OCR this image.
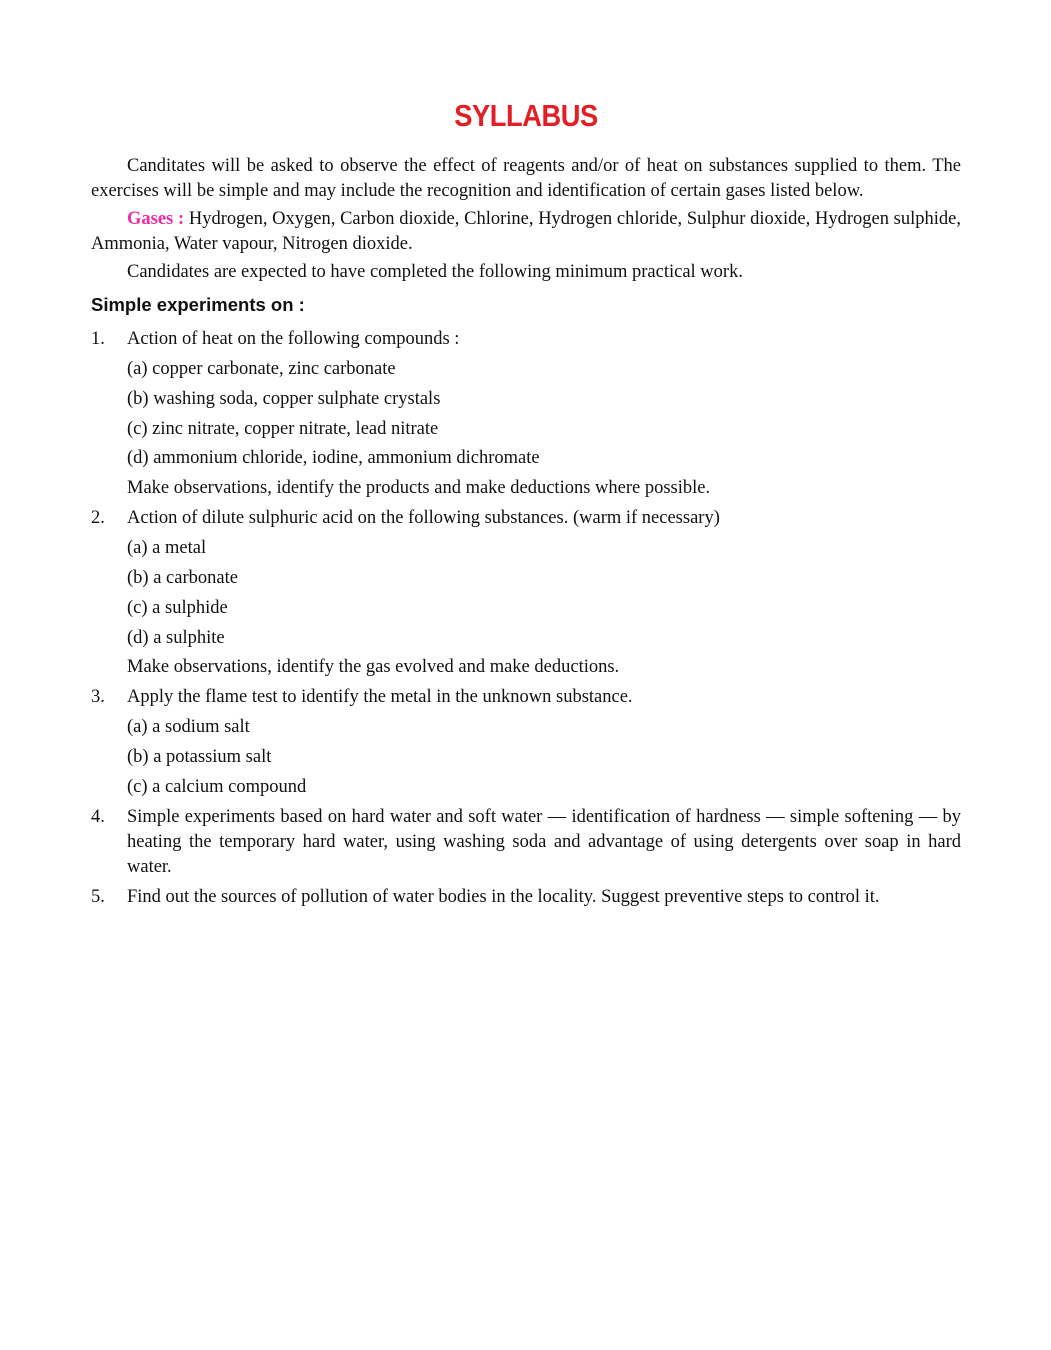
SYLLABUS

Canditates will be asked to observe the effect of reagents and/or of heat on substances supplied to them. The exercises will be simple and may include the recognition and identification of certain gases listed below.

Gases : Hydrogen, Oxygen, Carbon dioxide, Chlorine, Hydrogen chloride, Sulphur dioxide, Hydrogen sulphide, Ammonia, Water vapour, Nitrogen dioxide.

Candidates are expected to have completed the following minimum practical work.

Simple experiments on :
1. Action of heat on the following compounds :
(a) copper carbonate, zinc carbonate
(b) washing soda, copper sulphate crystals
(c) zinc nitrate, copper nitrate, lead nitrate
(d) ammonium chloride, iodine, ammonium dichromate
Make observations, identify the products and make deductions where possible.
2. Action of dilute sulphuric acid on the following substances. (warm if necessary)
(a) a metal
(b) a carbonate
(c) a sulphide
(d) a sulphite
Make observations, identify the gas evolved and make deductions.
3. Apply the flame test to identify the metal in the unknown substance.
(a) a sodium salt
(b) a potassium salt
(c) a calcium compound
4. Simple experiments based on hard water and soft water — identification of hardness — simple softening — by heating the temporary hard water, using washing soda and advantage of using detergents over soap in hard water.
5. Find out the sources of pollution of water bodies in the locality. Suggest preventive steps to control it.
